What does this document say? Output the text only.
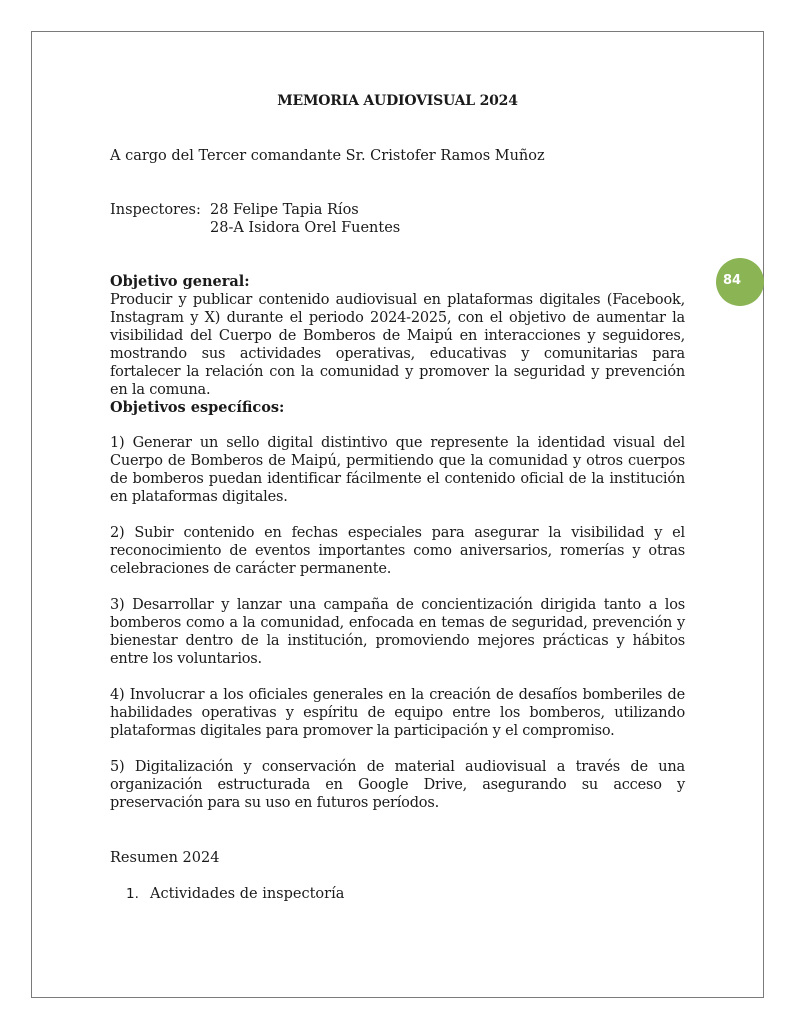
84
MEMORIA AUDIOVISUAL 2024
A cargo del Tercer comandante Sr. Cristofer Ramos Muñoz
Inspectores: 28 Felipe Tapia Ríos
28-A Isidora Orel Fuentes
Objetivo general:

Producir y publicar contenido audiovisual en plataformas digitales (Facebook, Instagram y X) durante el periodo 2024-2025, con el objetivo de aumentar la visibilidad del Cuerpo de Bomberos de Maipú en interacciones y seguidores, mostrando sus actividades operativas, educativas y comunitarias para fortalecer la relación con la comunidad y promover la seguridad y prevención en la comuna.

Objetivos específicos:

1) Generar un sello digital distintivo que represente la identidad visual del Cuerpo de Bomberos de Maipú, permitiendo que la comunidad y otros cuerpos de bomberos puedan identificar fácilmente el contenido oficial de la institución en plataformas digitales.

2) Subir contenido en fechas especiales para asegurar la visibilidad y el reconocimiento de eventos importantes como aniversarios, romerías y otras celebraciones de carácter permanente.

3) Desarrollar y lanzar una campaña de concientización dirigida tanto a los bomberos como a la comunidad, enfocada en temas de seguridad, prevención y bienestar dentro de la institución, promoviendo mejores prácticas y hábitos entre los voluntarios.

4) Involucrar a los oficiales generales en la creación de desafíos bomberiles de habilidades operativas y espíritu de equipo entre los bomberos, utilizando plataformas digitales para promover la participación y el compromiso.

5) Digitalización y conservación de material audiovisual a través de una organización estructurada en Google Drive, asegurando su acceso y preservación para su uso en futuros períodos.

Resumen 2024
1. Actividades de inspectoría
